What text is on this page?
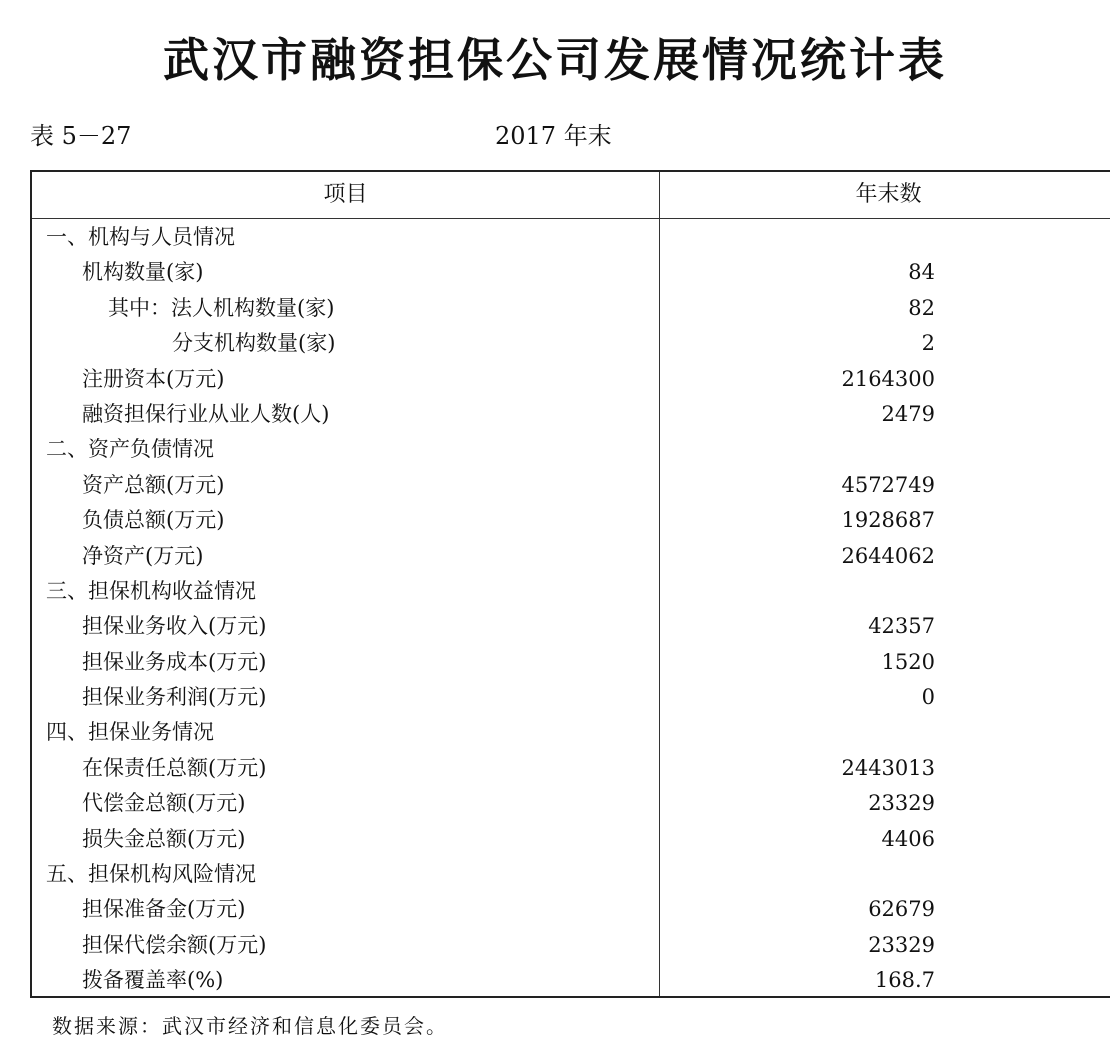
武汉市融资担保公司发展情况统计表
表 5－27	2017 年末
项目	年末数
一、机构与人员情况
机构数量(家)	84
其中：法人机构数量(家)	82
分支机构数量(家)	2
注册资本(万元)	2164300
融资担保行业从业人数(人)	2479
二、资产负债情况
资产总额(万元)	4572749
负债总额(万元)	1928687
净资产(万元)	2644062
三、担保机构收益情况
担保业务收入(万元)	42357
担保业务成本(万元)	1520
担保业务利润(万元)	0
四、担保业务情况
在保责任总额(万元)	2443013
代偿金总额(万元)	23329
损失金总额(万元)	4406
五、担保机构风险情况
担保准备金(万元)	62679
担保代偿余额(万元)	23329
拨备覆盖率(%)	168.7
数据来源：武汉市经济和信息化委员会。
